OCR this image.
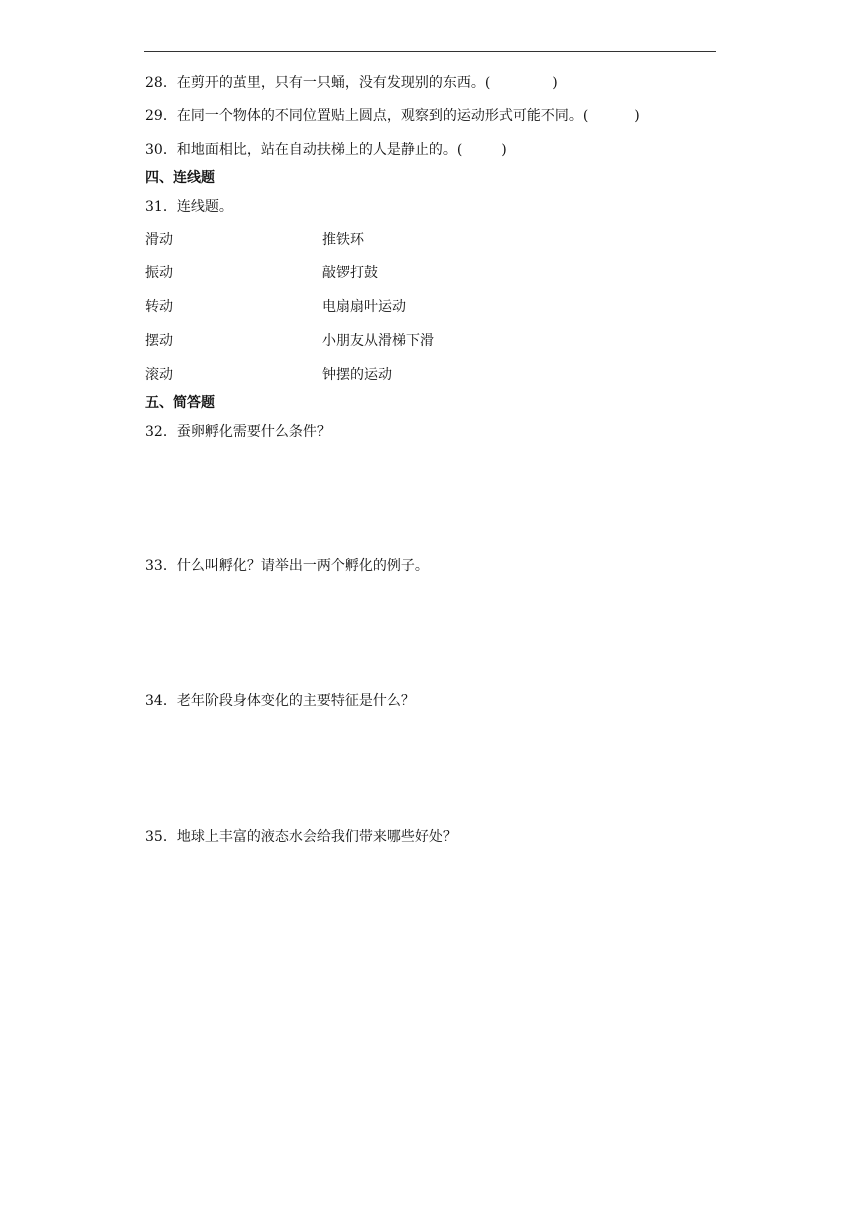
28．在剪开的茧里，只有一只蛹，没有发现别的东西。(	)
29．在同一个物体的不同位置贴上圆点，观察到的运动形式可能不同。(	)
30．和地面相比，站在自动扶梯上的人是静止的。(	)
四、连线题
31．连线题。
滑动	推铁环
振动	敲锣打鼓
转动	电扇扇叶运动
摆动	小朋友从滑梯下滑
滚动	钟摆的运动
五、简答题
32．蚕卵孵化需要什么条件？
33．什么叫孵化？请举出一两个孵化的例子。
34．老年阶段身体变化的主要特征是什么？
35．地球上丰富的液态水会给我们带来哪些好处？
